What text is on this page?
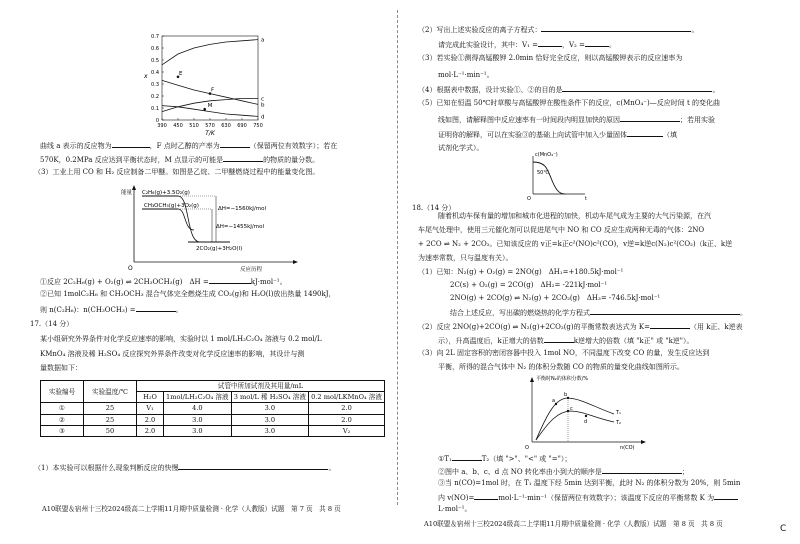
0
0.1
0.2
0.3
0.4
0.5
0.6
0.7
390 450 510 570 630 690 750
x
T/K
a
b
c
d
E
F
M
曲线 a 表示的反应物为	，F 点时乙醇的产率为	（保留两位有效数字）；若在
570K，0.2MPa 反应达到平衡状态时，M 点显示的可能是	的物质的量分数。
（3）工业上用 CO 和 H₂ 反应制备二甲醚。如图是乙烷、二甲醚燃烧过程中的能量变化图。
能量
O	反应历程
C₂H₆(g)+3.5O₂(g)
CH₃OCH₃(g)+3O₂(g)	ΔH=−1560kJ/mol
ΔH=−1455kJ/mol
2CO₂(g)+3H₂O(l)
①反应 2C₂H₆(g) + O₂(g) ⇌ 2CH₃OCH₃(g)　ΔH =	kJ·mol⁻¹。
②已知 1molC₂H₆ 和 CH₃OCH₃ 混合气体完全燃烧生成 CO₂(g)和 H₂O(l)放出热量 1490kJ，
则 n(C₂H₆)：n(CH₃OCH₃) =	。
17.（14 分）
某小组研究外界条件对化学反应速率的影响，实验时以 1 mol/LH₂C₂O₄ 溶液与 0.2 mol/L
KMnO₄ 溶液及稀 H₂SO₄ 反应探究外界条件改变对化学反应速率的影响，其设计与测
量数据如下：
实验编号	实验温度/℃	试管中所加试剂及其用量/mL			
		H₂O	1mol/LH₂C₂O₄ 溶液	3 mol/L 稀 H₂SO₄ 溶液	0.2 mol/LKMnO₄ 溶液
①	25	V₁	4.0	3.0	2.0
②	25	2.0	3.0	3.0	2.0
③	50	2.0	3.0	3.0	V₂
（1）本实验可以根据什么现象判断反应的快慢	。
A10联盟＆宿州十三校2024级高二上学期11月期中质量检测 · 化学（人教版）试题　第 7 页　共 8 页
（2）写出上述实验反应的离子方程式：	。
请完成此实验设计，其中：V₁ =	，V₂ =	。
（3）若实验①测得高锰酸钾 2.0min 恰好完全反应，则以高锰酸钾表示的反应速率为
mol·L⁻¹·min⁻¹。
（4）根据表中数据，设计实验①、②的目的是	。
（5）已知在恒温 50℃时草酸与高锰酸钾在酸性条件下的反应，c(MnO₄⁻)—反应时间 t 的变化曲
线如图，请解释图中反应速率有一时间段内明显加快的原因	；若用实验
证明你的解释，可以在实验③的基础上向试管中加入少量固体	（填
试剂化学式）。
c(MnO₄⁻)
O	t
50℃
18.（14 分）
随着机动车保有量的增加和城市化进程的加快，机动车尾气成为主要的大气污染源，在汽
车尾气处理中，使用三元催化剂可以促进尾气中 NO 和 CO 反应生成两种无毒的气体：2NO
+ 2CO ⇌ N₂ + 2CO₂。已知该反应的 v正=k正c²(NO)c²(CO)，v逆=k逆c(N₂)c²(CO₂)（k正、k逆
为速率常数，只与温度有关）。
（1）已知：N₂(g) + O₂(g) = 2NO(g)　ΔH₁=+180.5kJ·mol⁻¹
2C(s) + O₂(g) = 2CO(g)　ΔH₂= -221kJ·mol⁻¹
2NO(g) + 2CO(g) ⇌ N₂(g) + 2CO₂(g)　ΔH₃= -746.5kJ·mol⁻¹
结合上述反应，写出碳的燃烧热的化学方程式	。
（2）反应 2NO(g)+2CO(g) ⇌ N₂(g)+2CO₂(g)的平衡常数表达式为 K=	（用 k正、k逆表
示），升高温度后，k正增大的倍数	k逆增大的倍数（填 "k正" 或 "k逆"）。
（3）向 2L 固定容积的密闭容器中投入 1mol NO，不同温度下改变 CO 的量，发生反应达到
平衡，所得的混合气体中 N₂ 的体积分数随 CO 的物质的量变化曲线如图所示。
平衡时N₂的体积分数/%
O	n(CO)
a
b
c
d
T₁
T₂
①T₁	T₂（填 ">"、"<" 或 "="）；
②图中 a、b、c、d 点 NO 转化率由小到大的顺序是	；
③当 n(CO)=1mol 时，在 T₁ 温度下经 5min 达到平衡，此时 N₂ 的体积分数为 20%，则 5min
内 v(NO)=	mol·L⁻¹·min⁻¹（保留两位有效数字）；该温度下反应的平衡常数 K 为
L·mol⁻¹。
A10联盟＆宿州十三校2024级高二上学期11月期中质量检测 · 化学（人教版）试题　第 8 页　共 8 页	C
